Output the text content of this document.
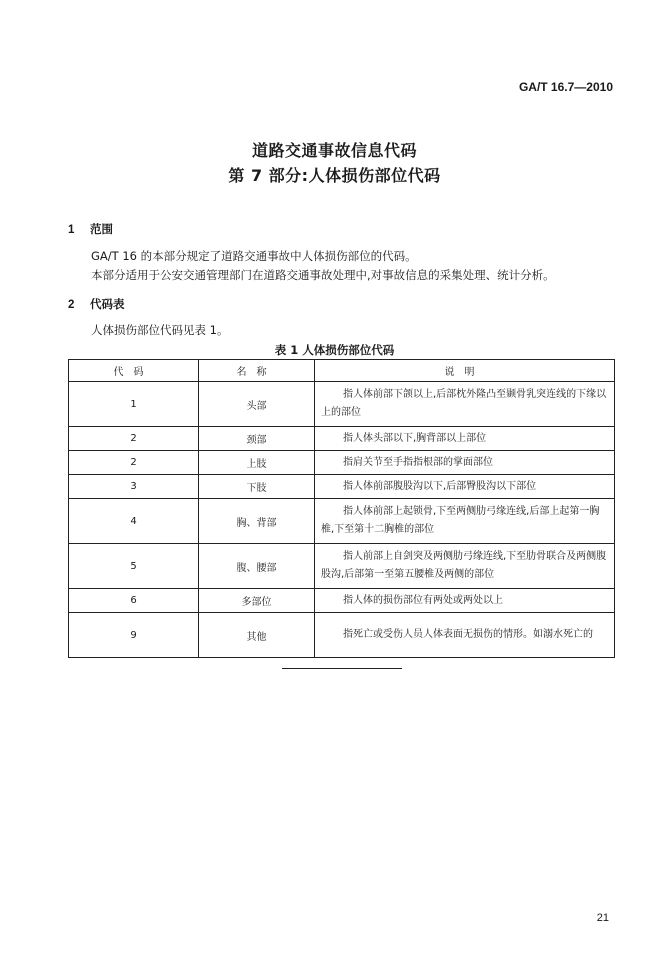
GA/T 16.7—2010
道路交通事故信息代码
第 7 部分:人体损伤部位代码
1 范围
GA/T 16 的本部分规定了道路交通事故中人体损伤部位的代码。
本部分适用于公安交通管理部门在道路交通事故处理中,对事故信息的采集处理、统计分析。
2 代码表
人体损伤部位代码见表 1。
表 1 人体损伤部位代码
代码	名称	说明
1	头部	指人体前部下颌以上,后部枕外隆凸至颞骨乳突连线的下缘以上的部位
2	颈部	指人体头部以下,胸背部以上部位
2	上肢	指肩关节至手指指根部的掌面部位
3	下肢	指人体前部腹股沟以下,后部臀股沟以下部位
4	胸、背部	指人体前部上起锁骨,下至两侧肋弓缘连线,后部上起第一胸椎,下至第十二胸椎的部位
5	腹、腰部	指人前部上自剑突及两侧肋弓缘连线,下至肋骨联合及两侧腹股沟,后部第一至第五腰椎及两侧的部位
6	多部位	指人体的损伤部位有两处或两处以上
9	其他	指死亡或受伤人员人体表面无损伤的情形。如溺水死亡的
21
